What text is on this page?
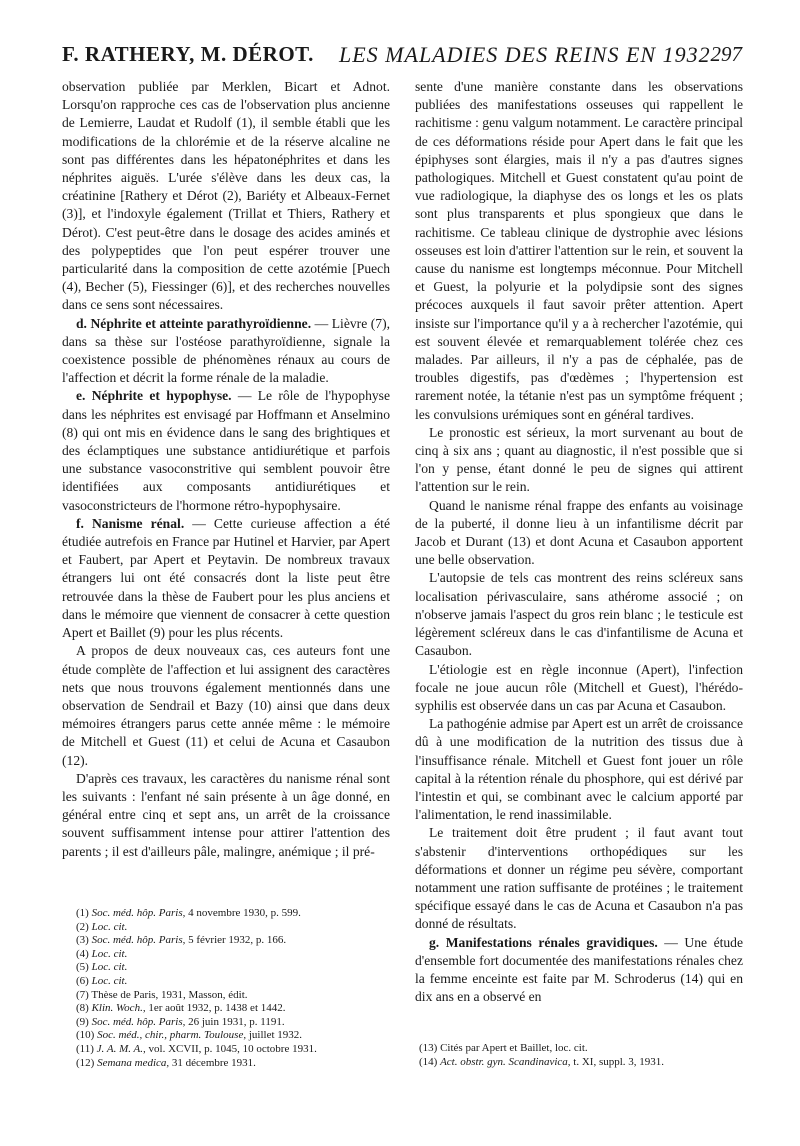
F. RATHERY, M. DÉROT. LES MALADIES DES REINS EN 1932 297

observation publiée par Merklen, Bicart et Adnot. Lorsqu'on rapproche ces cas de l'observation plus ancienne de Lemierre, Laudat et Rudolf (1), il semble établi que les modifications de la chlorémie et de la réserve alcaline ne sont pas différentes dans les hépatonéphrites et dans les néphrites aiguës. L'urée s'élève dans les deux cas, la créatinine [Rathery et Dérot (2), Bariéty et Albeaux-Fernet (3)], et l'indoxyle également (Trillat et Thiers, Rathery et Dérot). C'est peut-être dans le dosage des acides aminés et des polypeptides que l'on peut espérer trouver une particularité dans la composition de cette azotémie [Puech (4), Becher (5), Fiessinger (6)], et des recherches nouvelles dans ce sens sont nécessaires.

d. Néphrite et atteinte parathyroïdienne. — Lièvre (7), dans sa thèse sur l'ostéose parathyroïdienne, signale la coexistence possible de phénomènes rénaux au cours de l'affection et décrit la forme rénale de la maladie.

e. Néphrite et hypophyse. — Le rôle de l'hypophyse dans les néphrites est envisagé par Hoffmann et Anselmino (8) qui ont mis en évidence dans le sang des brightiques et des éclamptiques une substance antidiurétique et parfois une substance vasoconstritive qui semblent pouvoir être identifiées aux composants antidiurétiques et vasoconstricteurs de l'hormone rétro-hypophysaire.

f. Nanisme rénal. — Cette curieuse affection a été étudiée autrefois en France par Hutinel et Harvier, par Apert et Faubert, par Apert et Peytavin. De nombreux travaux étrangers lui ont été consacrés dont la liste peut être retrouvée dans la thèse de Faubert pour les plus anciens et dans le mémoire que viennent de consacrer à cette question Apert et Baillet (9) pour les plus récents.

A propos de deux nouveaux cas, ces auteurs font une étude complète de l'affection et lui assignent des caractères nets que nous trouvons également mentionnés dans une observation de Sendrail et Bazy (10) ainsi que dans deux mémoires étrangers parus cette année même : le mémoire de Mitchell et Guest (11) et celui de Acuna et Casaubon (12).

D'après ces travaux, les caractères du nanisme rénal sont les suivants : l'enfant né sain présente à un âge donné, en général entre cinq et sept ans, un arrêt de la croissance souvent suffisamment intense pour attirer l'attention des parents ; il est d'ailleurs pâle, malingre, anémique ; il pré-

sente d'une manière constante dans les observations publiées des manifestations osseuses qui rappellent le rachitisme : genu valgum notamment. Le caractère principal de ces déformations réside pour Apert dans le fait que les épiphyses sont élargies, mais il n'y a pas d'autres signes pathologiques. Mitchell et Guest constatent qu'au point de vue radiologique, la diaphyse des os longs et les os plats sont plus transparents et plus spongieux que dans le rachitisme. Ce tableau clinique de dystrophie avec lésions osseuses est loin d'attirer l'attention sur le rein, et souvent la cause du nanisme est longtemps méconnue. Pour Mitchell et Guest, la polyurie et la polydipsie sont des signes précoces auxquels il faut savoir prêter attention. Apert insiste sur l'importance qu'il y a à rechercher l'azotémie, qui est souvent élevée et remarquablement tolérée chez ces malades. Par ailleurs, il n'y a pas de céphalée, pas de troubles digestifs, pas d'œdèmes ; l'hypertension est rarement notée, la tétanie n'est pas un symptôme fréquent ; les convulsions urémiques sont en général tardives.

Le pronostic est sérieux, la mort survenant au bout de cinq à six ans ; quant au diagnostic, il n'est possible que si l'on y pense, étant donné le peu de signes qui attirent l'attention sur le rein.

Quand le nanisme rénal frappe des enfants au voisinage de la puberté, il donne lieu à un infantilisme décrit par Jacob et Durant (13) et dont Acuna et Casaubon apportent une belle observation.

L'autopsie de tels cas montrent des reins scléreux sans localisation périvasculaire, sans athérome associé ; on n'observe jamais l'aspect du gros rein blanc ; le testicule est légèrement scléreux dans le cas d'infantilisme de Acuna et Casaubon.

L'étiologie est en règle inconnue (Apert), l'infection focale ne joue aucun rôle (Mitchell et Guest), l'hérédo-syphilis est observée dans un cas par Acuna et Casaubon.

La pathogénie admise par Apert est un arrêt de croissance dû à une modification de la nutrition des tissus due à l'insuffisance rénale. Mitchell et Guest font jouer un rôle capital à la rétention rénale du phosphore, qui est dérivé par l'intestin et qui, se combinant avec le calcium apporté par l'alimentation, le rend inassimilable.

Le traitement doit être prudent ; il faut avant tout s'abstenir d'interventions orthopédiques sur les déformations et donner un régime peu sévère, comportant notamment une ration suffisante de protéines ; le traitement spécifique essayé dans le cas de Acuna et Casaubon n'a pas donné de résultats.

g. Manifestations rénales gravidiques. — Une étude d'ensemble fort documentée des manifestations rénales chez la femme enceinte est faite par M. Schroderus (14) qui en dix ans en a observé en

(1) Soc. méd. hôp. Paris, 4 novembre 1930, p. 599.
(2) Loc. cit.
(3) Soc. méd. hôp. Paris, 5 février 1932, p. 166.
(4) Loc. cit.
(5) Loc. cit.
(6) Loc. cit.
(7) Thèse de Paris, 1931, Masson, édit.
(8) Klin. Woch., 1er août 1932, p. 1438 et 1442.
(9) Soc. méd. hôp. Paris, 26 juin 1931, p. 1191.
(10) Soc. méd., chir., pharm. Toulouse, juillet 1932.
(11) J. A. M. A., vol. XCVII, p. 1045, 10 octobre 1931.
(12) Semana medica, 31 décembre 1931.
(13) Cités par Apert et Baillet, loc. cit.
(14) Act. obstr. gyn. Scandinavica, t. XI, suppl. 3, 1931.
